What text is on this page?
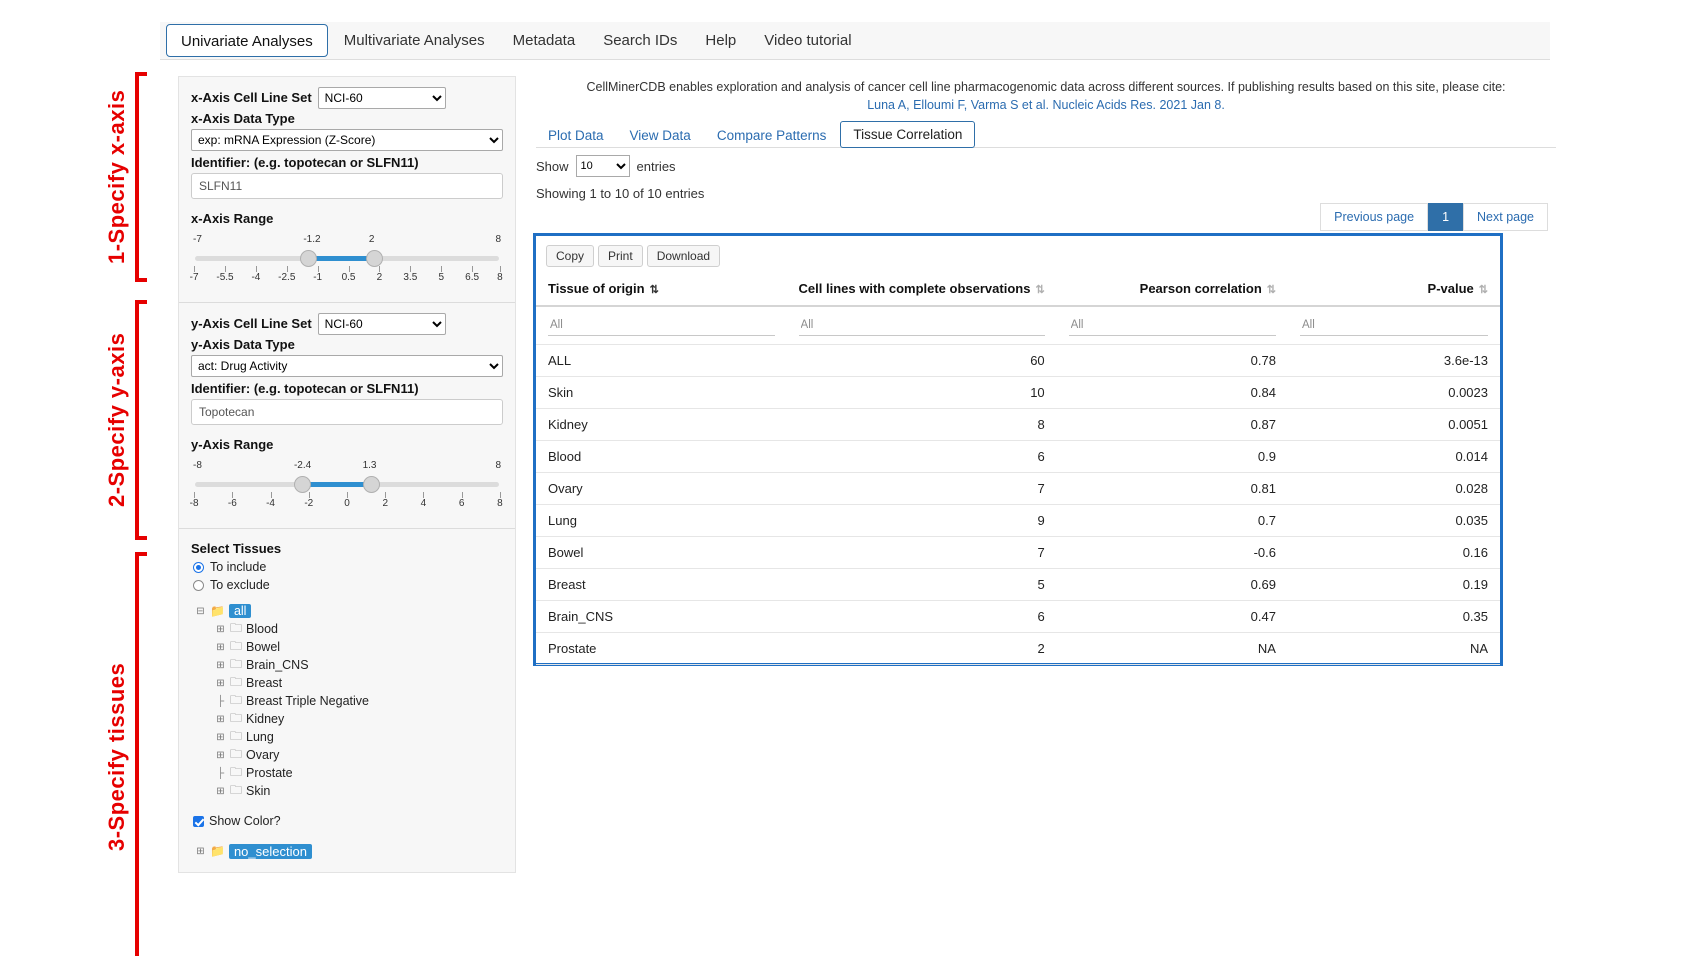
1-Specify x-axis
2-Specify y-axis
3-Specify tissues
Univariate Analyses	Multivariate Analyses	Metadata	Search IDs	Help	Video tutorial
x-Axis Cell Line Set
NCI-60
x-Axis Data Type
exp: mRNA Expression (Z-Score)
Identifier: (e.g. topotecan or SLFN11)
SLFN11
x-Axis Range
-7	-1.2	2	8
-7 -5.5 -4 -2.5 -1 0.5 2 3.5 5 6.5 8
y-Axis Cell Line Set
NCI-60
y-Axis Data Type
act: Drug Activity
Identifier: (e.g. topotecan or SLFN11)
Topotecan
y-Axis Range
-8	-2.4	1.3	8
-8	-6	-4	-2	0	2	4	6	8
Select Tissues
To include
To exclude
⊟ 📁 all
⊞ 🗀 Blood
⊞ 🗀 Bowel
⊞ 🗀 Brain_CNS
⊞ 🗀 Breast
├ 🗀 Breast Triple Negative
⊞ 🗀 Kidney
⊞ 🗀 Lung
⊞ 🗀 Ovary
├ 🗀 Prostate
⊞ 🗀 Skin
Show Color?
⊞ 📁 no_selection
CellMinerCDB enables exploration and analysis of cancer cell line pharmacogenomic data across different sources. If publishing results based on this site, please cite:
Luna A, Elloumi F, Varma S et al. Nucleic Acids Res. 2021 Jan 8.
Plot Data	View Data	Compare Patterns	Tissue Correlation
Show
10	entries
Showing 1 to 10 of 10 entries
Previous page	1	Next page
Copy	Print	Download
Tissue of origin ⇅	Cell lines with complete observations ⇅	Pearson correlation ⇅	P-value ⇅
All	All	All	All
ALL	60	0.78	3.6e-13
Skin	10	0.84	0.0023
Kidney	8	0.87	0.0051
Blood	6	0.9	0.014
Ovary	7	0.81	0.028
Lung	9	0.7	0.035
Bowel	7	-0.6	0.16
Breast	5	0.69	0.19
Brain_CNS	6	0.47	0.35
Prostate	2	NA	NA
